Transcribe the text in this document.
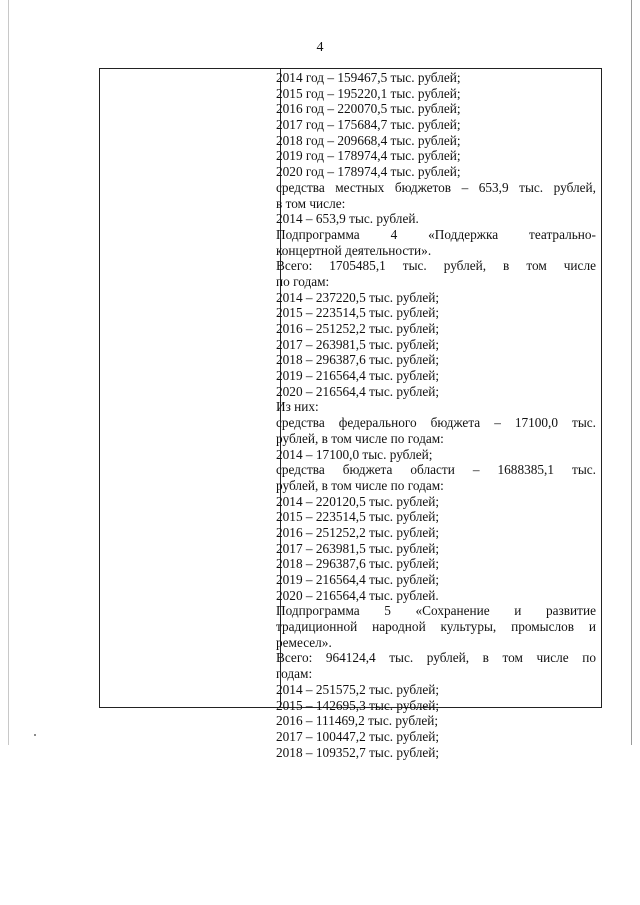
4
2014 год – 159467,5 тыс. рублей;
2015 год – 195220,1 тыс. рублей;
2016 год – 220070,5 тыс. рублей;
2017 год – 175684,7 тыс. рублей;
2018 год – 209668,4 тыс. рублей;
2019 год – 178974,4 тыс. рублей;
2020 год – 178974,4 тыс. рублей;
средства местных бюджетов – 653,9 тыс. рублей,
в том числе:
2014 – 653,9 тыс. рублей.
Подпрограмма 4 «Поддержка театрально-
концертной деятельности».
Всего: 1705485,1 тыс. рублей, в том числе
по годам:
2014 – 237220,5 тыс. рублей;
2015 – 223514,5 тыс. рублей;
2016 – 251252,2 тыс. рублей;
2017 – 263981,5 тыс. рублей;
2018 – 296387,6 тыс. рублей;
2019 – 216564,4 тыс. рублей;
2020 – 216564,4 тыс. рублей;
Из них:
средства федерального бюджета – 17100,0 тыс.
рублей, в том числе по годам:
2014 – 17100,0 тыс. рублей;
средства бюджета области – 1688385,1 тыс.
рублей, в том числе по годам:
2014 – 220120,5 тыс. рублей;
2015 – 223514,5 тыс. рублей;
2016 – 251252,2 тыс. рублей;
2017 – 263981,5 тыс. рублей;
2018 – 296387,6 тыс. рублей;
2019 – 216564,4 тыс. рублей;
2020 – 216564,4 тыс. рублей.
Подпрограмма 5 «Сохранение и развитие
традиционной народной культуры, промыслов и
ремесел».
Всего: 964124,4 тыс. рублей, в том числе по
годам:
2014 – 251575,2 тыс. рублей;
2015 – 142695,3 тыс. рублей;
2016 – 111469,2 тыс. рублей;
2017 – 100447,2 тыс. рублей;
2018 – 109352,7 тыс. рублей;
